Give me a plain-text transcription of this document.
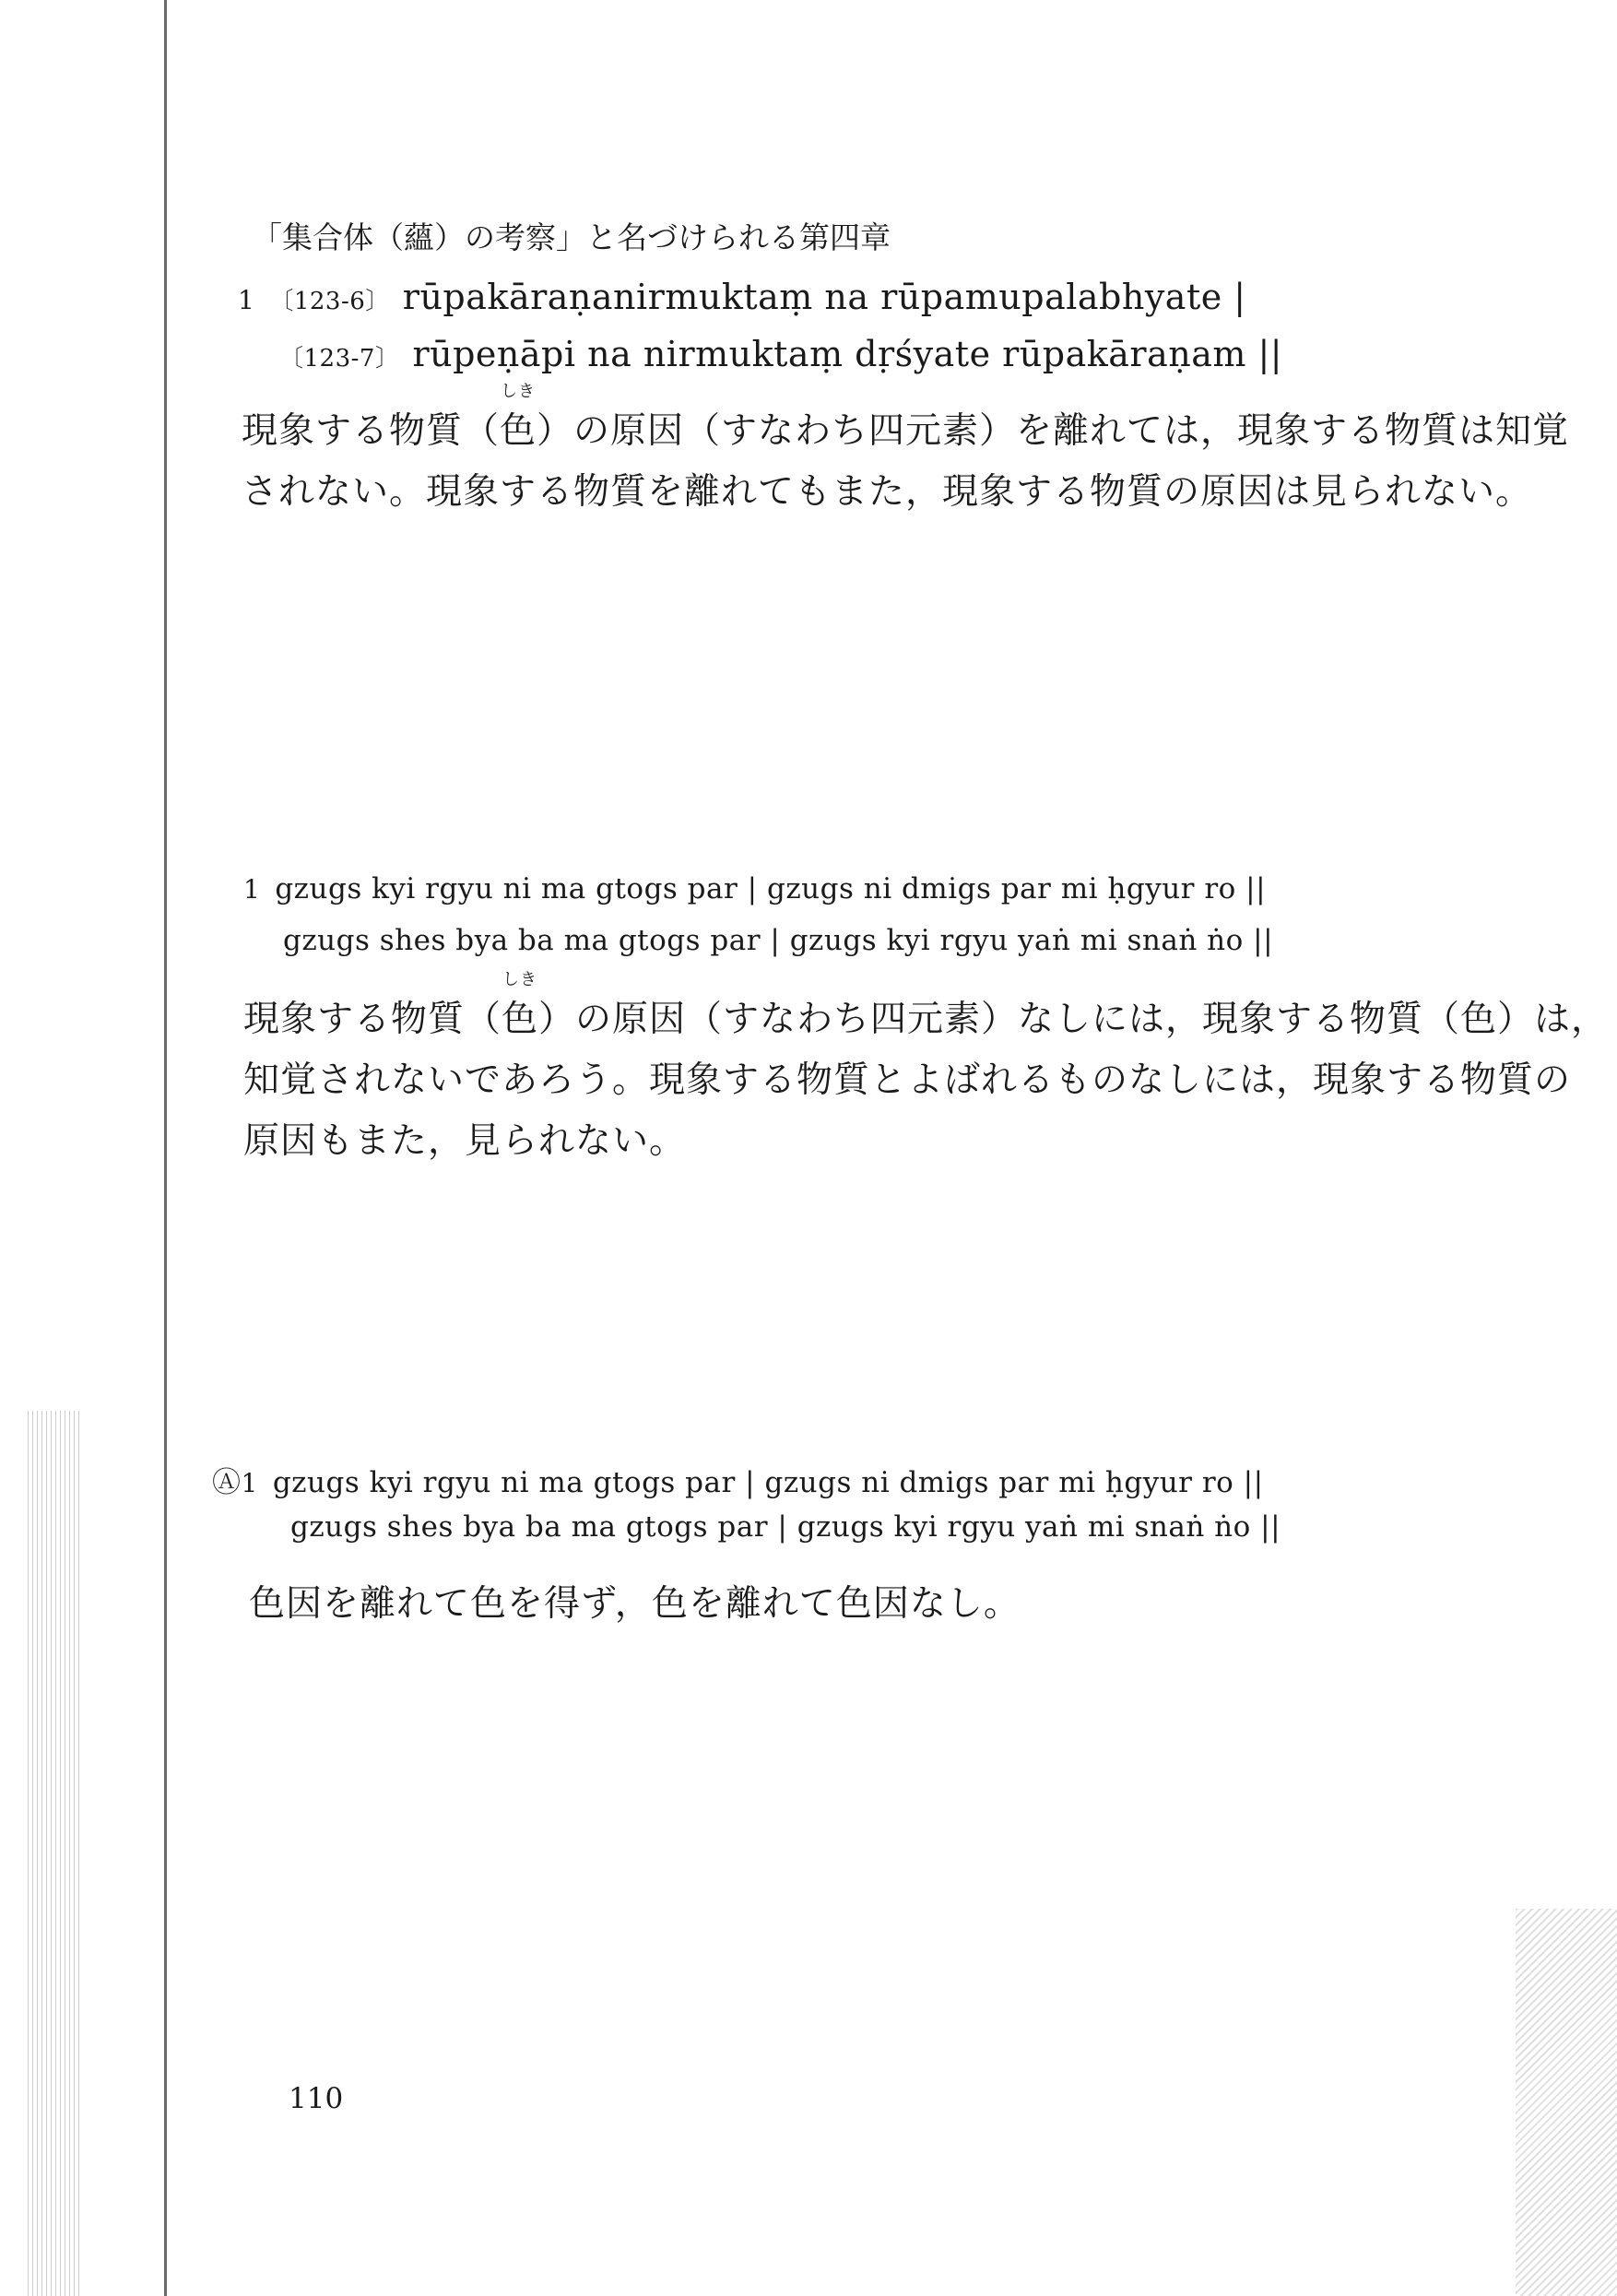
「集合体（蘊）の考察」と名づけられる第四章
1 〔123-6〕 rūpakāraṇanirmuktaṃ na rūpamupalabhyate |
〔123-7〕 rūpeṇāpi na nirmuktaṃ dṛśyate rūpakāraṇam ||
現象する物質（
しき
色）の原因（すなわち四元素）を離れては，現象する物質は知覚
されない。現象する物質を離れてもまた，現象する物質の原因は見られない。
1 gzugs kyi rgyu ni ma gtogs par | gzugs ni dmigs par mi ḥgyur ro ||
gzugs shes bya ba ma gtogs par | gzugs kyi rgyu yaṅ mi snaṅ ṅo ||
現象する物質（
しき
色）の原因（すなわち四元素）なしには，現象する物質（色）は，
知覚されないであろう。現象する物質とよばれるものなしには，現象する物質の
原因もまた，見られない。
Ⓐ1 gzugs kyi rgyu ni ma gtogs par | gzugs ni dmigs par mi ḥgyur ro ||
gzugs shes bya ba ma gtogs par | gzugs kyi rgyu yaṅ mi snaṅ ṅo ||
色因を離れて色を得ず，色を離れて色因なし。
110
